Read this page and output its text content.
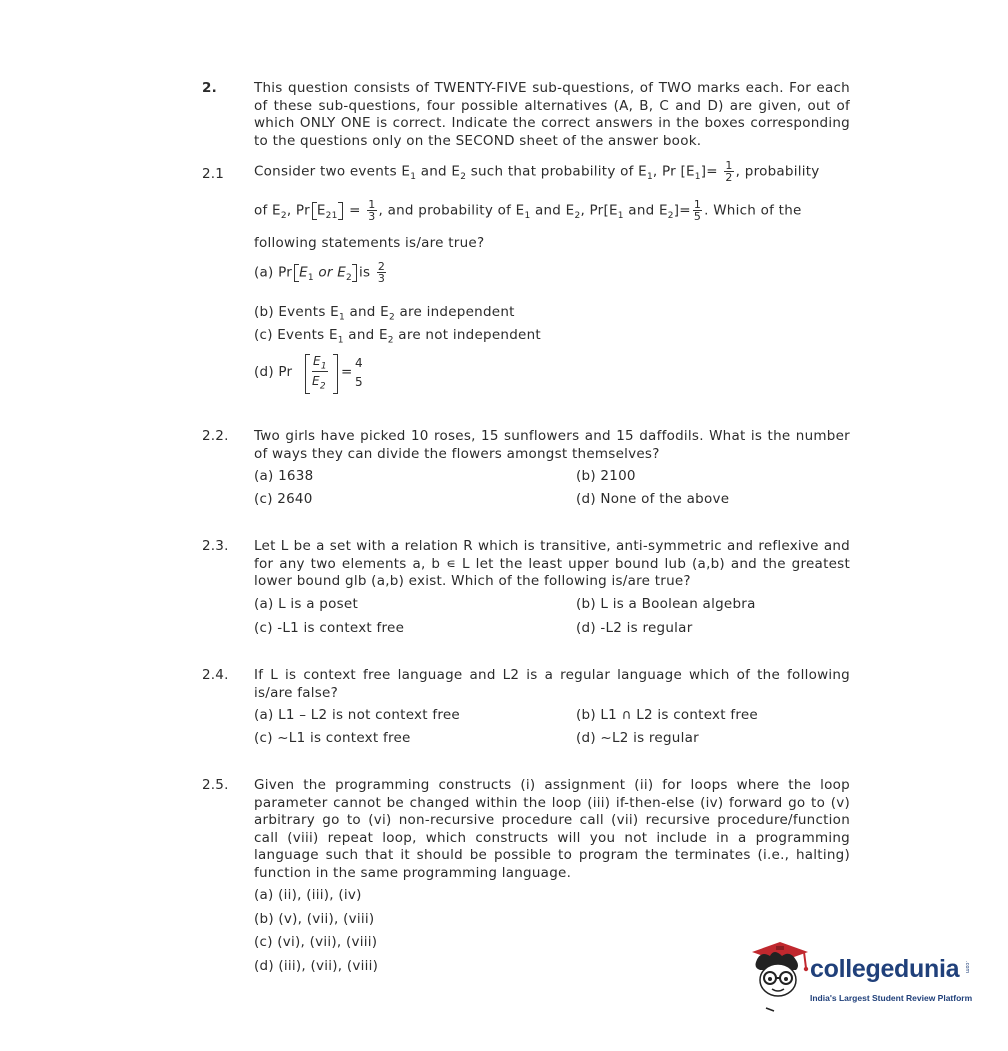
2.	This question consists of TWENTY-FIVE sub-questions, of TWO marks each. For each of these sub-questions, four possible alternatives (A, B, C and D) are given, out of which ONLY ONE is correct. Indicate the correct answers in the boxes corresponding to the questions only on the SECOND sheet of the answer book.
2.1 Consider two events $E_1$ and $E_2$ such that probability of $E_1$, Pr $[E_1]= \frac{1}{2}$ , probability
of $E_2$, Pr $E_{21} = \frac{1}{3}$ , and probability of $E_1$ and $E_2$, $Pr[E_1$ and $E_2]= \frac{1}{5}$ . Which of the
following statements is/are true?
(a) Pr $E_1$ or $E_2$ is $\frac{2}{3}$
(b) Events $E_1$ and $E_2$ are independent
(c) Events $E_1$ and $E_2$ are not independent
(d) Pr
$E_1$
$E_2$
=
4
5
2.2. Two girls have picked 10 roses, 15 sunflowers and 15 daffodils. What is the number of ways they can divide the flowers amongst themselves?
(a) 1638	(b) 2100
(c) 2640	(d) None of the above
2.3. Let L be a set with a relation R which is transitive, anti-symmetric and reflexive and for any two elements a, b ∊ L let the least upper bound lub (a,b) and the greatest lower bound glb (a,b) exist. Which of the following is/are true?
(a) L is a poset	(b) L is a Boolean algebra
(c) -L1 is context free	(d) -L2 is regular
2.4. If L is context free language and L2 is a regular language which of the following is/are false?
(a) L1 – L2 is not context free	(b) L1 ∩ L2 is context free
(c) ~L1 is context free	(d) ~L2 is regular
2.5. Given the programming constructs (i) assignment (ii) for loops where the loop parameter cannot be changed within the loop (iii) if-then-else (iv) forward go to (v) arbitrary go to (vi) non-recursive procedure call (vii) recursive procedure/function call (viii) repeat loop, which constructs will you not include in a programming language such that it should be possible to program the terminates (i.e., halting) function in the same programming language.
(a) (ii), (iii), (iv)
(b) (v), (vii), (viii)
(c) (vi), (vii), (viii)
(d) (iii), (vii), (viii)	collegedunia .com
India's Largest Student Review Platform
